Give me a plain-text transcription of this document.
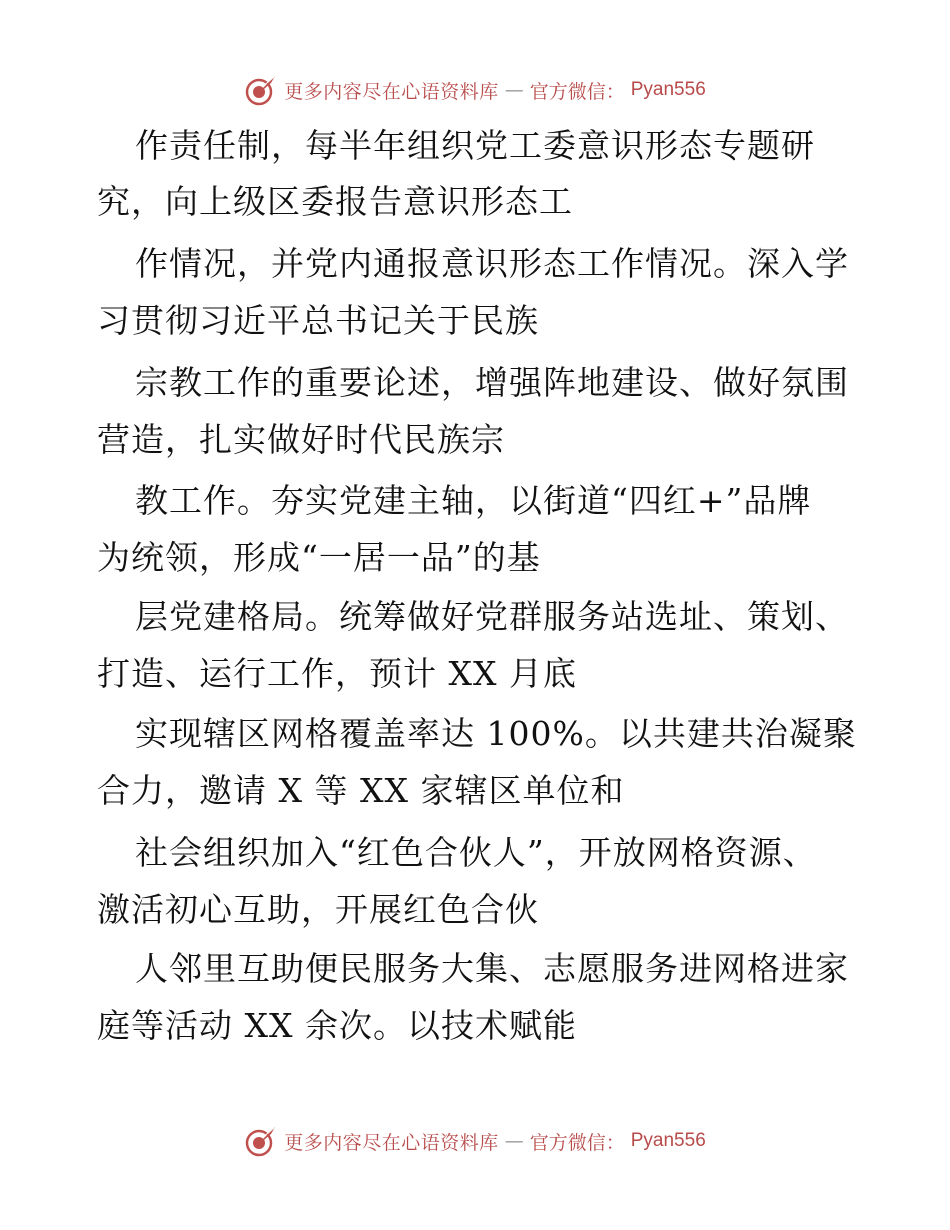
更多内容尽在心语资料库 — 官方微信： Pyan556
作责任制，每半年组织党工委意识形态专题研
究，向上级区委报告意识形态工
作情况，并党内通报意识形态工作情况。深入学
习贯彻习近平总书记关于民族
宗教工作的重要论述，增强阵地建设、做好氛围
营造，扎实做好时代民族宗
教工作。夯实党建主轴，以街道“四红+”品牌
为统领，形成“一居一品”的基
层党建格局。统筹做好党群服务站选址、策划、
打造、运行工作，预计 XX 月底
实现辖区网格覆盖率达 100%。以共建共治凝聚
合力，邀请 X 等 XX 家辖区单位和
社会组织加入“红色合伙人”，开放网格资源、
激活初心互助，开展红色合伙
人邻里互助便民服务大集、志愿服务进网格进家
庭等活动 XX 余次。以技术赋能
更多内容尽在心语资料库 — 官方微信： Pyan556
